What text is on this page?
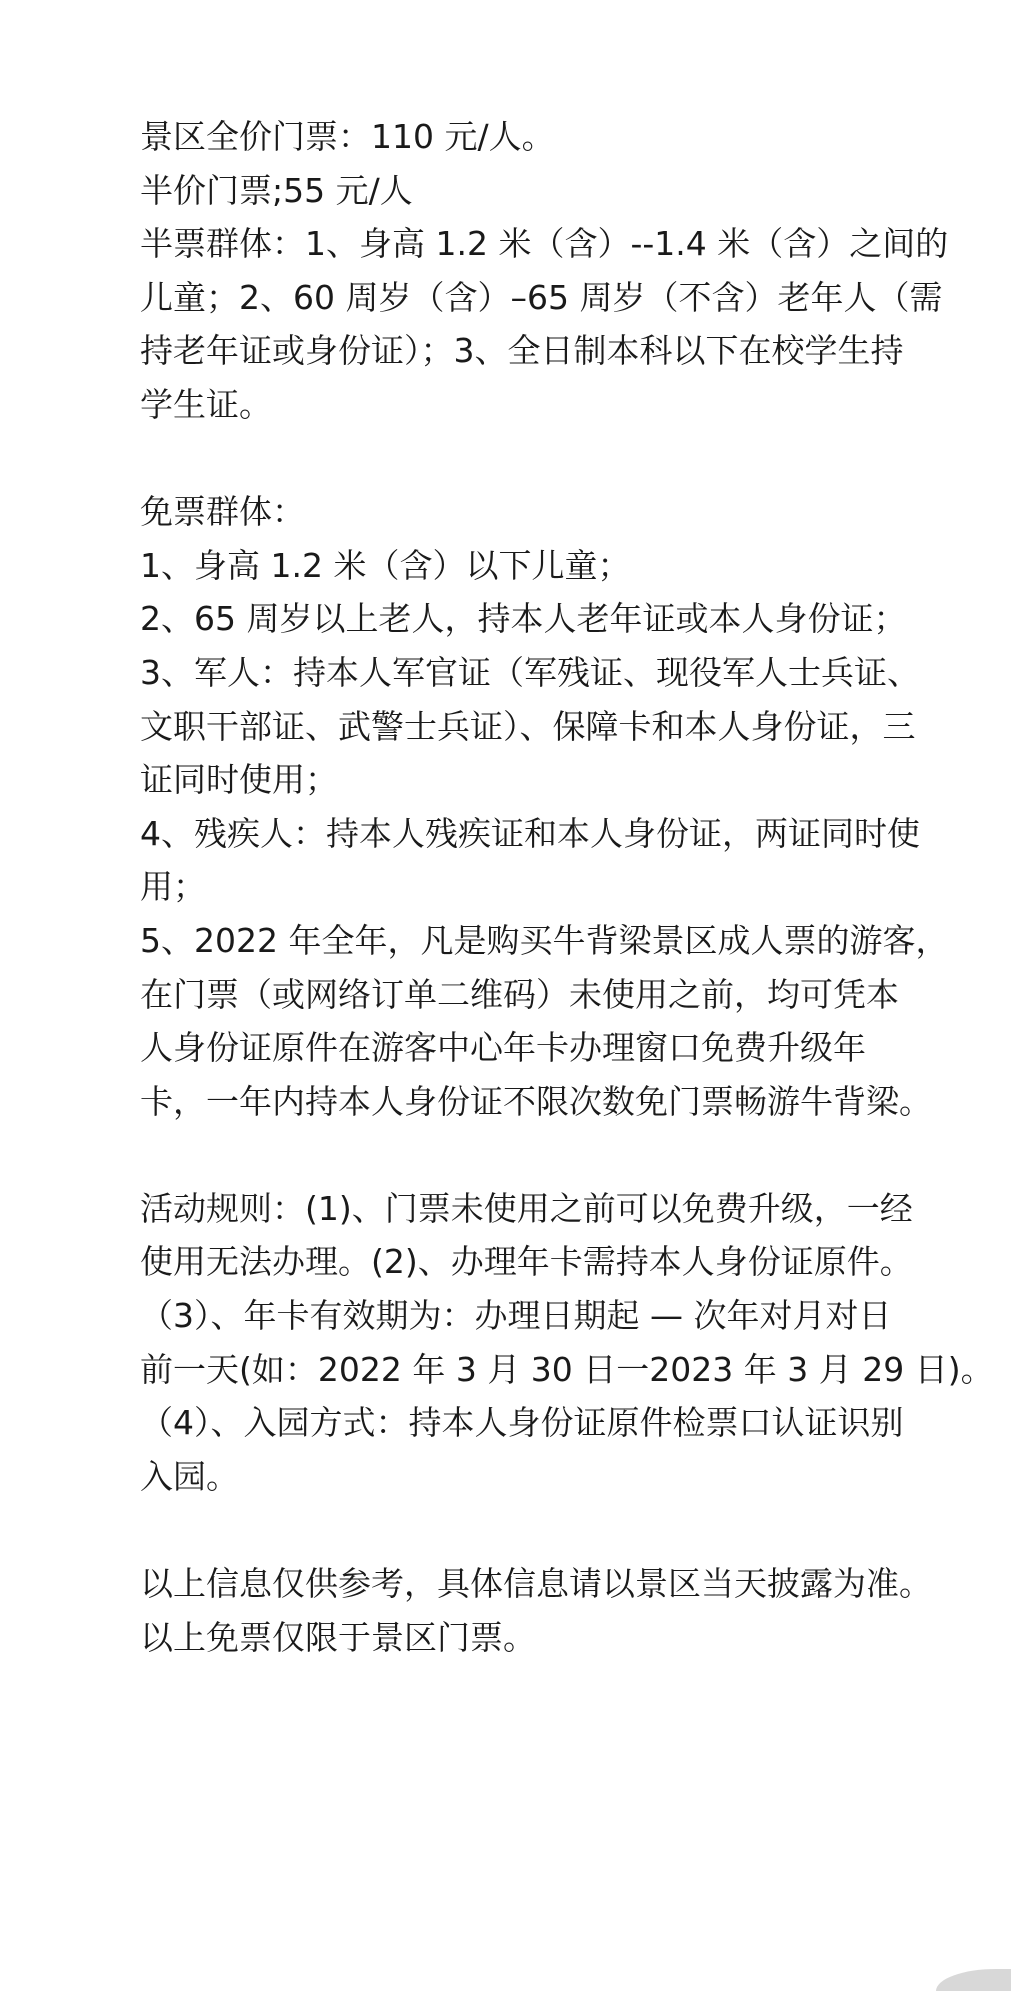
景区全价门票：110 元/人。
半价门票;55 元/人
半票群体：1、身高 1.2 米（含）--1.4 米（含）之间的
儿童；2、60 周岁（含）–65 周岁（不含）老年人（需
持老年证或身份证）；3、全日制本科以下在校学生持
学生证。
免票群体：
1、身高 1.2 米（含）以下儿童；
2、65 周岁以上老人，持本人老年证或本人身份证；
3、军人：持本人军官证（军残证、现役军人士兵证、
文职干部证、武警士兵证）、保障卡和本人身份证，三
证同时使用；
4、残疾人：持本人残疾证和本人身份证，两证同时使
用；
5、2022 年全年，凡是购买牛背梁景区成人票的游客，
在门票（或网络订单二维码）未使用之前，均可凭本
人身份证原件在游客中心年卡办理窗口免费升级年
卡，一年内持本人身份证不限次数免门票畅游牛背梁。
活动规则：(1)、门票未使用之前可以免费升级，一经
使用无法办理。(2)、办理年卡需持本人身份证原件。
（3）、年卡有效期为：办理日期起 — 次年对月对日
前一天(如：2022 年 3 月 30 日一2023 年 3 月 29 日)。
（4）、入园方式：持本人身份证原件检票口认证识别
入园。
以上信息仅供参考，具体信息请以景区当天披露为准。
以上免票仅限于景区门票。
